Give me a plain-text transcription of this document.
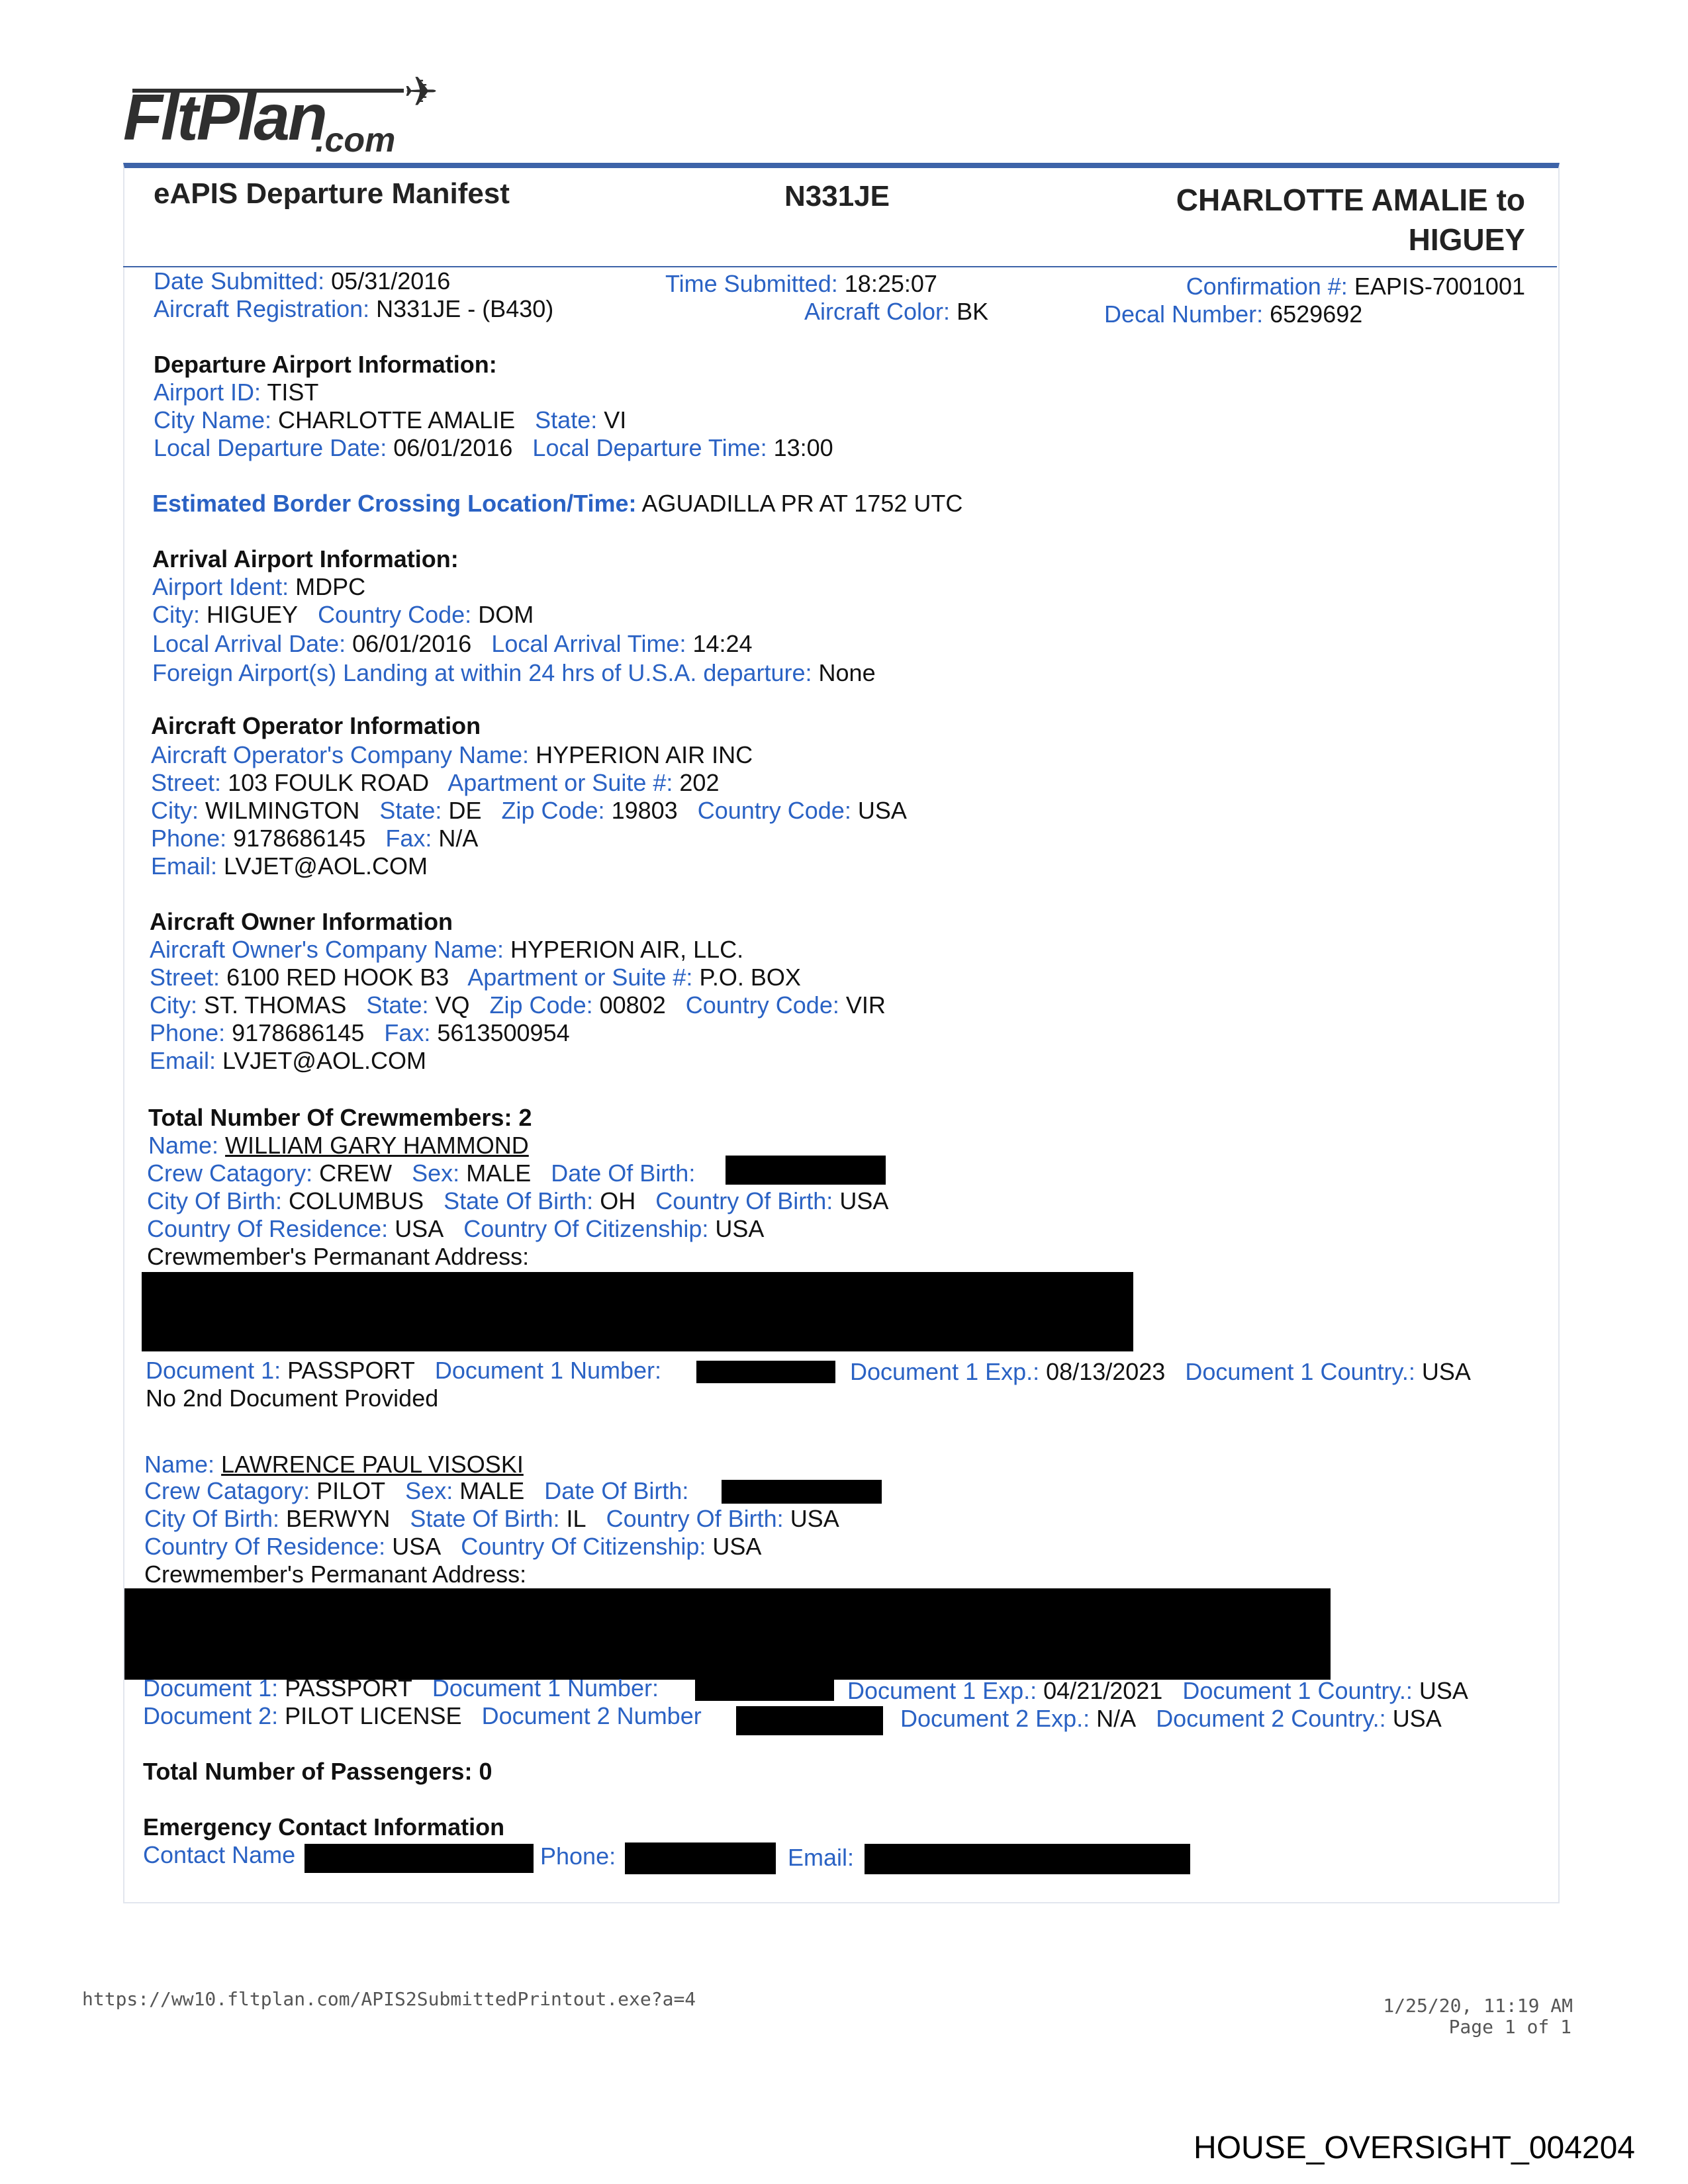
FltPlan
.com
✈
eAPIS Departure Manifest	N331JE	CHARLOTTE AMALIE to
HIGUEY
Date Submitted: 05/31/2016	Time Submitted: 18:25:07	Confirmation #: EAPIS-7001001
Aircraft Registration: N331JE - (B430)	Aircraft Color: BK	Decal Number: 6529692
Departure Airport Information:
Airport ID: TIST
City Name: CHARLOTTE AMALIE State: VI
Local Departure Date: 06/01/2016 Local Departure Time: 13:00
Estimated Border Crossing Location/Time: AGUADILLA PR AT 1752 UTC
Arrival Airport Information:
Airport Ident: MDPC
City: HIGUEY Country Code: DOM
Local Arrival Date: 06/01/2016 Local Arrival Time: 14:24
Foreign Airport(s) Landing at within 24 hrs of U.S.A. departure: None
Aircraft Operator Information
Aircraft Operator's Company Name: HYPERION AIR INC
Street: 103 FOULK ROAD Apartment or Suite #: 202
City: WILMINGTON State: DE Zip Code: 19803 Country Code: USA
Phone: 9178686145 Fax: N/A
Email: LVJET@AOL.COM
Aircraft Owner Information
Aircraft Owner's Company Name: HYPERION AIR, LLC.
Street: 6100 RED HOOK B3 Apartment or Suite #: P.O. BOX
City: ST. THOMAS State: VQ Zip Code: 00802 Country Code: VIR
Phone: 9178686145 Fax: 5613500954
Email: LVJET@AOL.COM
Total Number Of Crewmembers: 2
Name: WILLIAM GARY HAMMOND
Crew Catagory: CREW Sex: MALE Date Of Birth:
City Of Birth: COLUMBUS State Of Birth: OH Country Of Birth: USA
Country Of Residence: USA Country Of Citizenship: USA
Crewmember's Permanant Address:
Document 1: PASSPORT Document 1 Number:	Document 1 Exp.: 08/13/2023 Document 1 Country.: USA
No 2nd Document Provided
Name: LAWRENCE PAUL VISOSKI
Crew Catagory: PILOT Sex: MALE Date Of Birth:
City Of Birth: BERWYN State Of Birth: IL Country Of Birth: USA
Country Of Residence: USA Country Of Citizenship: USA
Crewmember's Permanant Address:
Document 1: PASSPORT Document 1 Number:	Document 1 Exp.: 04/21/2021 Document 1 Country.: USA
Document 2: PILOT LICENSE Document 2 Number	Document 2 Exp.: N/A Document 2 Country.: USA
Total Number of Passengers: 0
Emergency Contact Information
Contact Name	Phone:	Email:
https://ww10.fltplan.com/APIS2SubmittedPrintout.exe?a=4	1/25/20, 11:19 AM
Page 1 of 1
HOUSE_OVERSIGHT_004204
